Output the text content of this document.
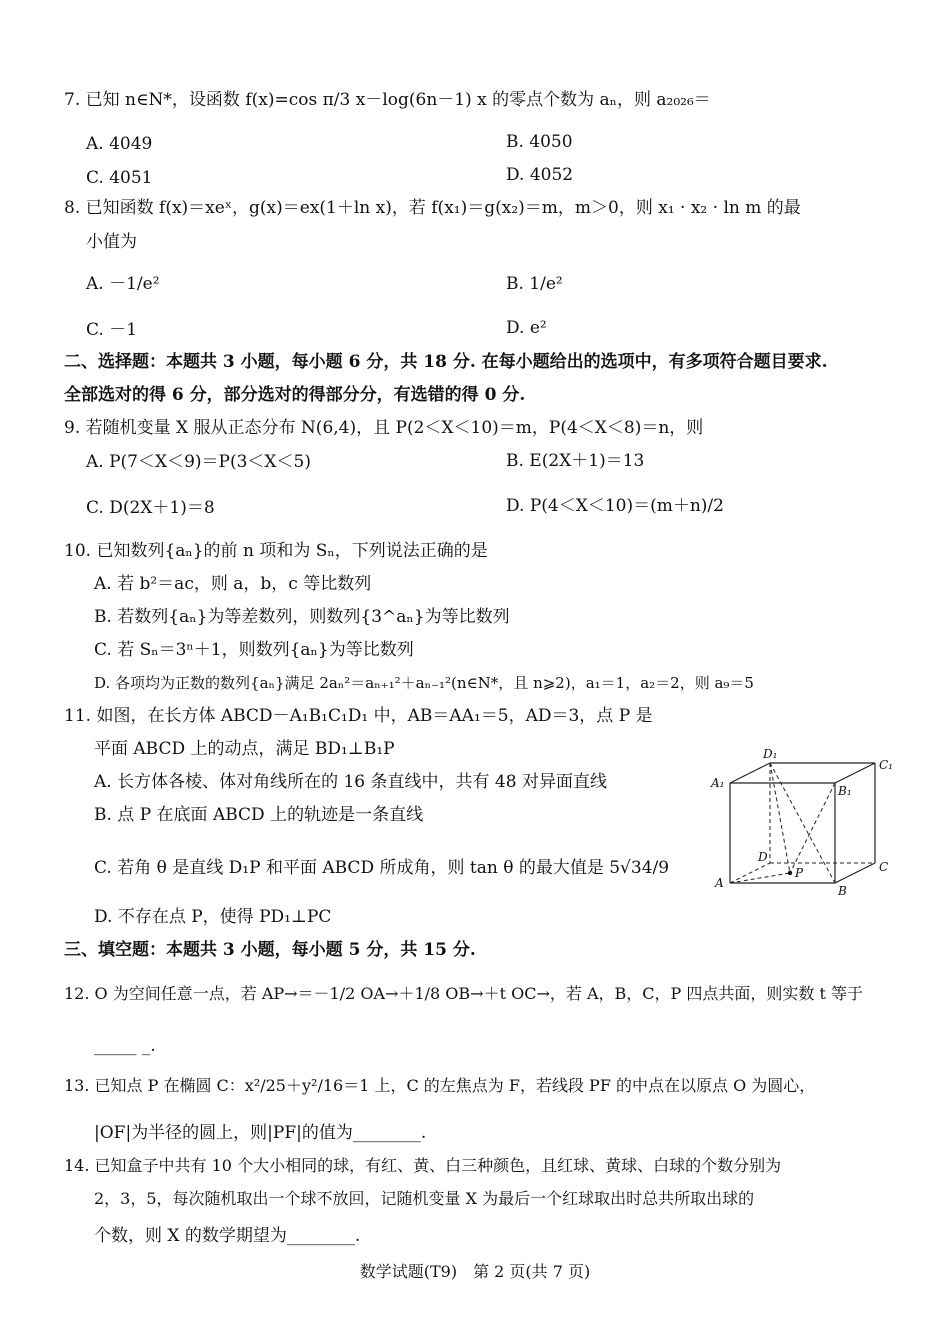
7. 已知 n∈N*，设函数 f(x)=cos π/3 x－log(6n－1) x 的零点个数为 aₙ，则 a₂₀₂₆＝
A. 4049	B. 4050
C. 4051	D. 4052
8. 已知函数 f(x)＝xeˣ，g(x)＝ex(1＋ln x)，若 f(x₁)＝g(x₂)＝m，m＞0，则 x₁ · x₂ · ln m 的最
小值为
A. －1/e²	B. 1/e²
C. －1	D. e²
二、选择题：本题共 3 小题，每小题 6 分，共 18 分. 在每小题给出的选项中，有多项符合题目要求.
全部选对的得 6 分，部分选对的得部分分，有选错的得 0 分.
9. 若随机变量 X 服从正态分布 N(6,4)，且 P(2＜X＜10)＝m，P(4＜X＜8)＝n，则
A. P(7＜X＜9)＝P(3＜X＜5)	B. E(2X＋1)＝13
C. D(2X＋1)＝8	D. P(4＜X＜10)＝(m＋n)/2
10. 已知数列{aₙ}的前 n 项和为 Sₙ，下列说法正确的是
A. 若 b²＝ac，则 a，b，c 等比数列
B. 若数列{aₙ}为等差数列，则数列{3^aₙ}为等比数列
C. 若 Sₙ＝3ⁿ＋1，则数列{aₙ}为等比数列
D. 各项均为正数的数列{aₙ}满足 2aₙ²＝aₙ₊₁²＋aₙ₋₁²(n∈N*，且 n⩾2)，a₁＝1，a₂＝2，则 a₉＝5
11. 如图，在长方体 ABCD－A₁B₁C₁D₁ 中，AB＝AA₁＝5，AD＝3，点 P 是
平面 ABCD 上的动点，满足 BD₁⊥B₁P
A. 长方体各棱、体对角线所在的 16 条直线中，共有 48 对异面直线
B. 点 P 在底面 ABCD 上的轨迹是一条直线
C. 若角 θ 是直线 D₁P 和平面 ABCD 所成角，则 tan θ 的最大值是 5√34/9
D. 不存在点 P，使得 PD₁⊥PC
D₁
C₁
A₁
B₁
D
C
A
B
P
三、填空题：本题共 3 小题，每小题 5 分，共 15 分.
12. O 为空间任意一点，若 AP→＝－1/2 OA→＋1/8 OB→＋t OC→，若 A，B，C，P 四点共面，则实数 t 等于
_____ _.
13. 已知点 P 在椭圆 C：x²/25＋y²/16＝1 上，C 的左焦点为 F，若线段 PF 的中点在以原点 O 为圆心，
|OF|为半径的圆上，则|PF|的值为________.
14. 已知盒子中共有 10 个大小相同的球，有红、黄、白三种颜色，且红球、黄球、白球的个数分别为
2，3，5，每次随机取出一个球不放回，记随机变量 X 为最后一个红球取出时总共所取出球的
个数，则 X 的数学期望为________.
数学试题(T9)　第 2 页(共 7 页)
